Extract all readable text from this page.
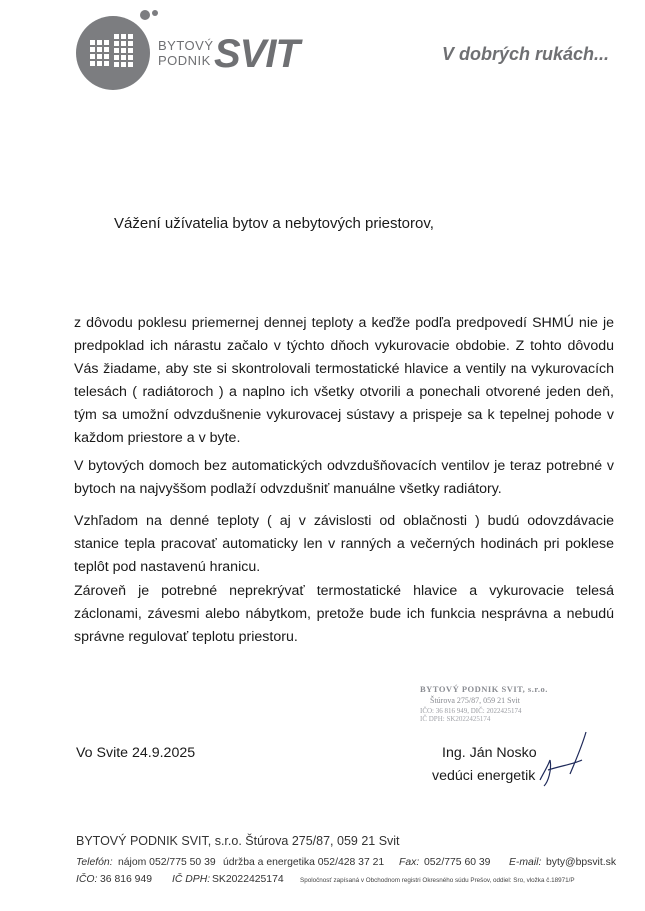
BYTOVÝ
PODNIK SVIT	V dobrých rukách...
Vážení užívatelia bytov a nebytových priestorov,
z dôvodu poklesu priemernej dennej teploty a keďže podľa predpovedí SHMÚ nie je predpoklad ich nárastu začalo v týchto dňoch vykurovacie obdobie. Z tohto dôvodu Vás žiadame, aby ste si skontrolovali termostatické hlavice a ventily na vykurovacích telesách ( radiátoroch ) a naplno ich všetky otvorili a ponechali otvorené jeden deň, tým sa umožní odvzdušnenie vykurovacej sústavy a prispeje sa k tepelnej pohode v každom priestore a v byte.
V bytových domoch bez automatických odvzdušňovacích ventilov je teraz potrebné v bytoch na najvyššom podlaží odvzdušniť manuálne všetky radiátory.
Vzhľadom na denné teploty ( aj v závislosti od oblačnosti ) budú odovzdávacie stanice tepla pracovať automaticky len v ranných a večerných hodinách pri poklese teplôt pod nastavenú hranicu.
Zároveň je potrebné neprekrývať termostatické hlavice a vykurovacie telesá záclonami, závesmi alebo nábytkom, pretože bude ich funkcia nesprávna a nebudú správne regulovať teplotu priestoru.
BYTOVÝ PODNIK SVIT, s.r.o.
Štúrova 275/87, 059 21 Svit
IČO: 36 816 949, DIČ: 2022425174
IČ DPH: SK2022425174
Vo Svite 24.9.2025	Ing. Ján Nosko
vedúci energetik
BYTOVÝ PODNIK SVIT, s.r.o. Štúrova 275/87, 059 21 Svit
Telefón: nájom 052/775 50 39 údržba a energetika 052/428 37 21 Fax: 052/775 60 39 E-mail: byty@bpsvit.sk
IČO: 36 816 949 IČ DPH: SK2022425174	Spoločnosť zapísaná v Obchodnom registri Okresného súdu Prešov, oddiel: Sro, vložka č.18971/P
